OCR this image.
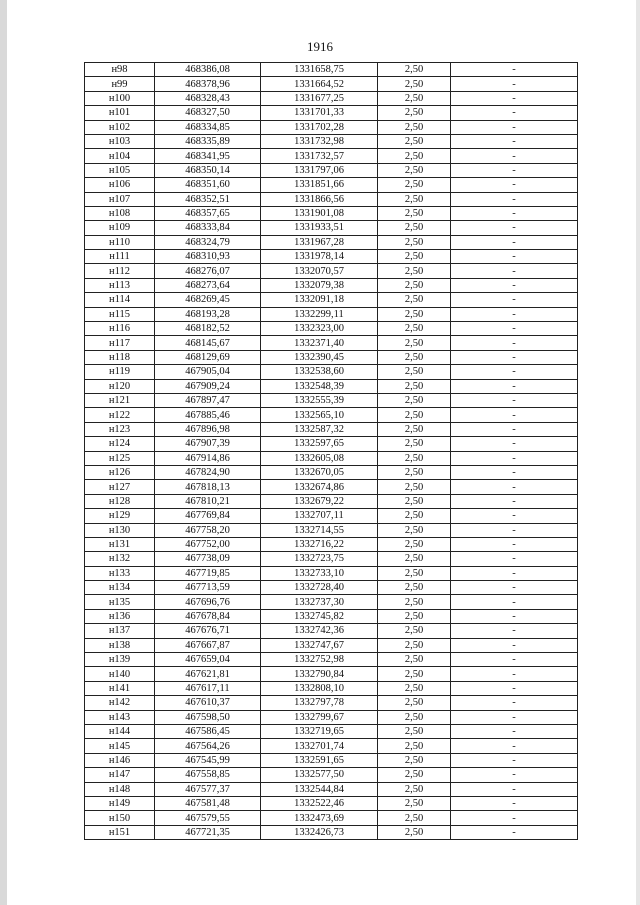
1916
н98	468386,08	1331658,75	2,50	-
н99	468378,96	1331664,52	2,50	-
н100	468328,43	1331677,25	2,50	-
н101	468327,50	1331701,33	2,50	-
н102	468334,85	1331702,28	2,50	-
н103	468335,89	1331732,98	2,50	-
н104	468341,95	1331732,57	2,50	-
н105	468350,14	1331797,06	2,50	-
н106	468351,60	1331851,66	2,50	-
н107	468352,51	1331866,56	2,50	-
н108	468357,65	1331901,08	2,50	-
н109	468333,84	1331933,51	2,50	-
н110	468324,79	1331967,28	2,50	-
н111	468310,93	1331978,14	2,50	-
н112	468276,07	1332070,57	2,50	-
н113	468273,64	1332079,38	2,50	-
н114	468269,45	1332091,18	2,50	-
н115	468193,28	1332299,11	2,50	-
н116	468182,52	1332323,00	2,50	-
н117	468145,67	1332371,40	2,50	-
н118	468129,69	1332390,45	2,50	-
н119	467905,04	1332538,60	2,50	-
н120	467909,24	1332548,39	2,50	-
н121	467897,47	1332555,39	2,50	-
н122	467885,46	1332565,10	2,50	-
н123	467896,98	1332587,32	2,50	-
н124	467907,39	1332597,65	2,50	-
н125	467914,86	1332605,08	2,50	-
н126	467824,90	1332670,05	2,50	-
н127	467818,13	1332674,86	2,50	-
н128	467810,21	1332679,22	2,50	-
н129	467769,84	1332707,11	2,50	-
н130	467758,20	1332714,55	2,50	-
н131	467752,00	1332716,22	2,50	-
н132	467738,09	1332723,75	2,50	-
н133	467719,85	1332733,10	2,50	-
н134	467713,59	1332728,40	2,50	-
н135	467696,76	1332737,30	2,50	-
н136	467678,84	1332745,82	2,50	-
н137	467676,71	1332742,36	2,50	-
н138	467667,87	1332747,67	2,50	-
н139	467659,04	1332752,98	2,50	-
н140	467621,81	1332790,84	2,50	-
н141	467617,11	1332808,10	2,50	-
н142	467610,37	1332797,78	2,50	-
н143	467598,50	1332799,67	2,50	-
н144	467586,45	1332719,65	2,50	-
н145	467564,26	1332701,74	2,50	-
н146	467545,99	1332591,65	2,50	-
н147	467558,85	1332577,50	2,50	-
н148	467577,37	1332544,84	2,50	-
н149	467581,48	1332522,46	2,50	-
н150	467579,55	1332473,69	2,50	-
н151	467721,35	1332426,73	2,50	-
